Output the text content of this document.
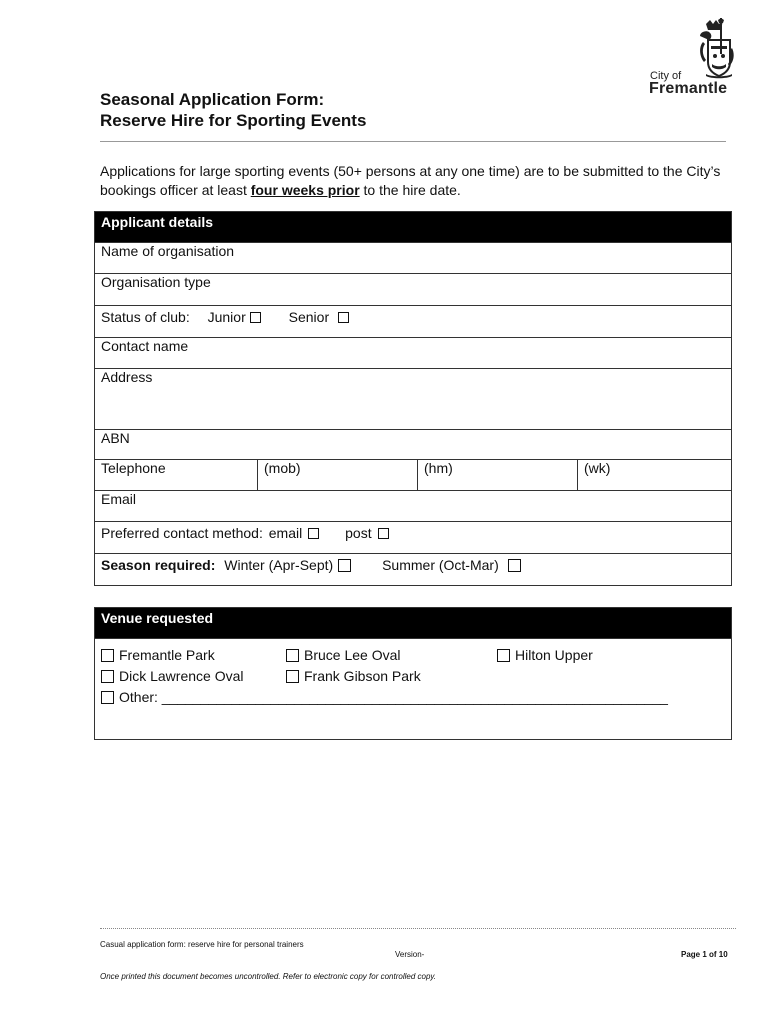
City of
Fremantle
Seasonal Application Form:
Reserve Hire for Sporting Events
Applications for large sporting events (50+ persons at any one time) are to be submitted to the City’s bookings officer at least four weeks prior to the hire date.
Applicant details
Name of organisation
Organisation type
Status of club: Junior	Senior
Contact name
Address
ABN
Telephone	(mob)	(hm)	(wk)
Email
Preferred contact method: email	post
Season required: Winter (Apr-Sept)	Summer (Oct-Mar)
Venue requested

Fremantle Park	Bruce Lee Oval	Hilton Upper
Dick Lawrence Oval	Frank Gibson Park
Other: _________________________________________________________________
Casual application form: reserve hire for personal trainers
Version-	Page 1 of 10
Once printed this document becomes uncontrolled. Refer to electronic copy for controlled copy.
